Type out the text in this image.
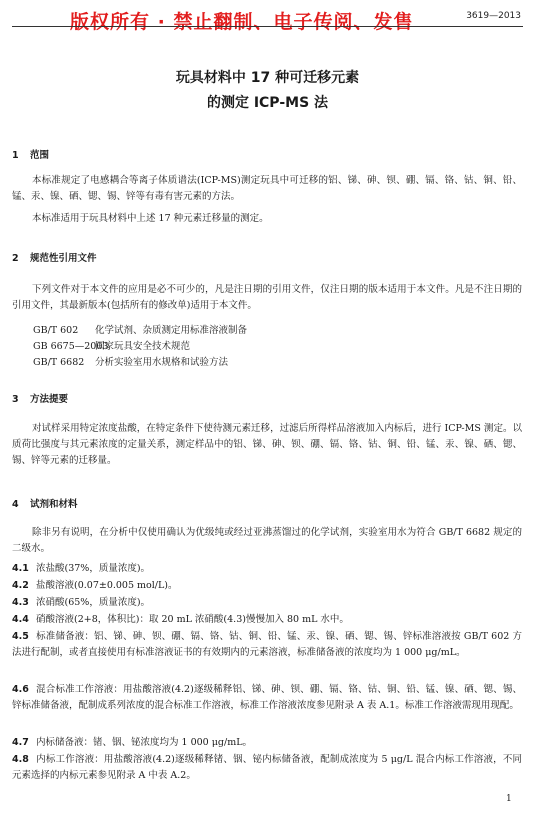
版权所有 · 禁止翻制、电子传阅、发售	3619—2013
玩具材料中 17 种可迁移元素
的测定 ICP-MS 法
1 范围
本标准规定了电感耦合等离子体质谱法(ICP-MS)测定玩具中可迁移的铝、锑、砷、钡、硼、镉、铬、钴、铜、铅、锰、汞、镍、硒、锶、锡、锌等有毒有害元素的方法。
本标准适用于玩具材料中上述 17 种元素迁移量的测定。
2 规范性引用文件
下列文件对于本文件的应用是必不可少的，凡是注日期的引用文件，仅注日期的版本适用于本文件。凡是不注日期的引用文件，其最新版本(包括所有的修改单)适用于本文件。
GB/T 602 化学试剂、杂质测定用标准溶液制备
GB 6675—2003国家玩具安全技术规范
GB/T 6682 分析实验室用水规格和试验方法
3 方法提要
对试样采用特定浓度盐酸，在特定条件下使待测元素迁移，过滤后所得样品溶液加入内标后，进行 ICP-MS 测定。以质荷比强度与其元素浓度的定量关系，测定样品中的铝、锑、砷、钡、硼、镉、铬、钴、铜、铅、锰、汞、镍、硒、锶、锡、锌等元素的迁移量。
4 试剂和材料
除非另有说明，在分析中仅使用确认为优级纯或经过亚沸蒸馏过的化学试剂，实验室用水为符合 GB/T 6682 规定的二级水。
4.1 浓盐酸(37%，质量浓度)。
4.2 盐酸溶液(0.07±0.005 mol/L)。
4.3 浓硝酸(65%，质量浓度)。
4.4 硝酸溶液(2+8，体积比)：取 20 mL 浓硝酸(4.3)慢慢加入 80 mL 水中。
4.5 标准储备液：铝、锑、砷、钡、硼、镉、铬、钴、铜、铅、锰、汞、镍、硒、锶、锡、锌标准溶液按 GB/T 602 方法进行配制，或者直接使用有标准溶液证书的有效期内的元素溶液，标准储备液的浓度均为 1 000 μg/mL。
4.6 混合标准工作溶液：用盐酸溶液(4.2)逐级稀释铝、锑、砷、钡、硼、镉、铬、钴、铜、铅、锰、镍、硒、锶、锡、锌标准储备液，配制成系列浓度的混合标准工作溶液，标准工作溶液浓度参见附录 A 表 A.1。标准工作溶液需现用现配。
4.7 内标储备液：锗、铟、铋浓度均为 1 000 μg/mL。
4.8 内标工作溶液：用盐酸溶液(4.2)逐级稀释锗、铟、铋内标储备液，配制成浓度为 5 μg/L 混合内标工作溶液，不同元素选择的内标元素参见附录 A 中表 A.2。
1
